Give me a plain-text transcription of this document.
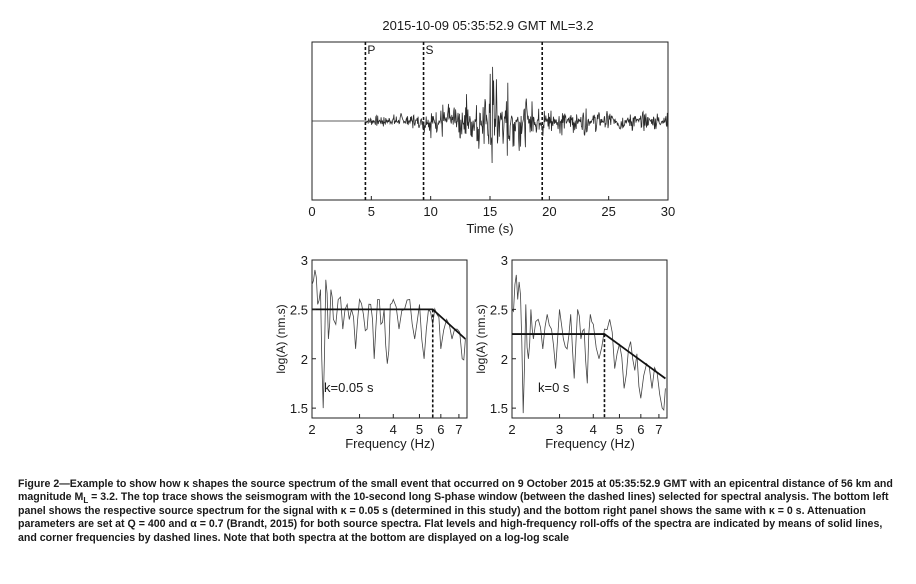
2015-10-09 05:35:52.9 GMT ML=3.2
P	S
0	5	10	15	20	25	30
Time (s)
2	3 4 5 6 7
1.5
2
2.5
3
k=0.05 s
Frequency (Hz)
log(A) (nm.s)
2	3 4 5 6 7
1.5
2
2.5
3
k=0 s
Frequency (Hz)
log(A) (nm.s)

Figure 2—Example to show how κ shapes the source spectrum of the small event that occurred on 9 October 2015 at 05:35:52.9 GMT with an epicentral distance of 56 km and magnitude $M_L = 3.2$. The top trace shows the seismogram with the 10-second long S-phase window (between the dashed lines) selected for spectral analysis. The bottom left panel shows the respective source spectrum for the signal with κ = 0.05 s (determined in this study) and the bottom right panel shows the same with κ = 0 s. Attenuation parameters are set at Q = 400 and α = 0.7 (Brandt, 2015) for both source spectra. Flat levels and high-frequency roll-offs of the spectra are indicated by means of solid lines, and corner frequencies by dashed lines. Note that both spectra at the bottom are displayed on a log-log scale
